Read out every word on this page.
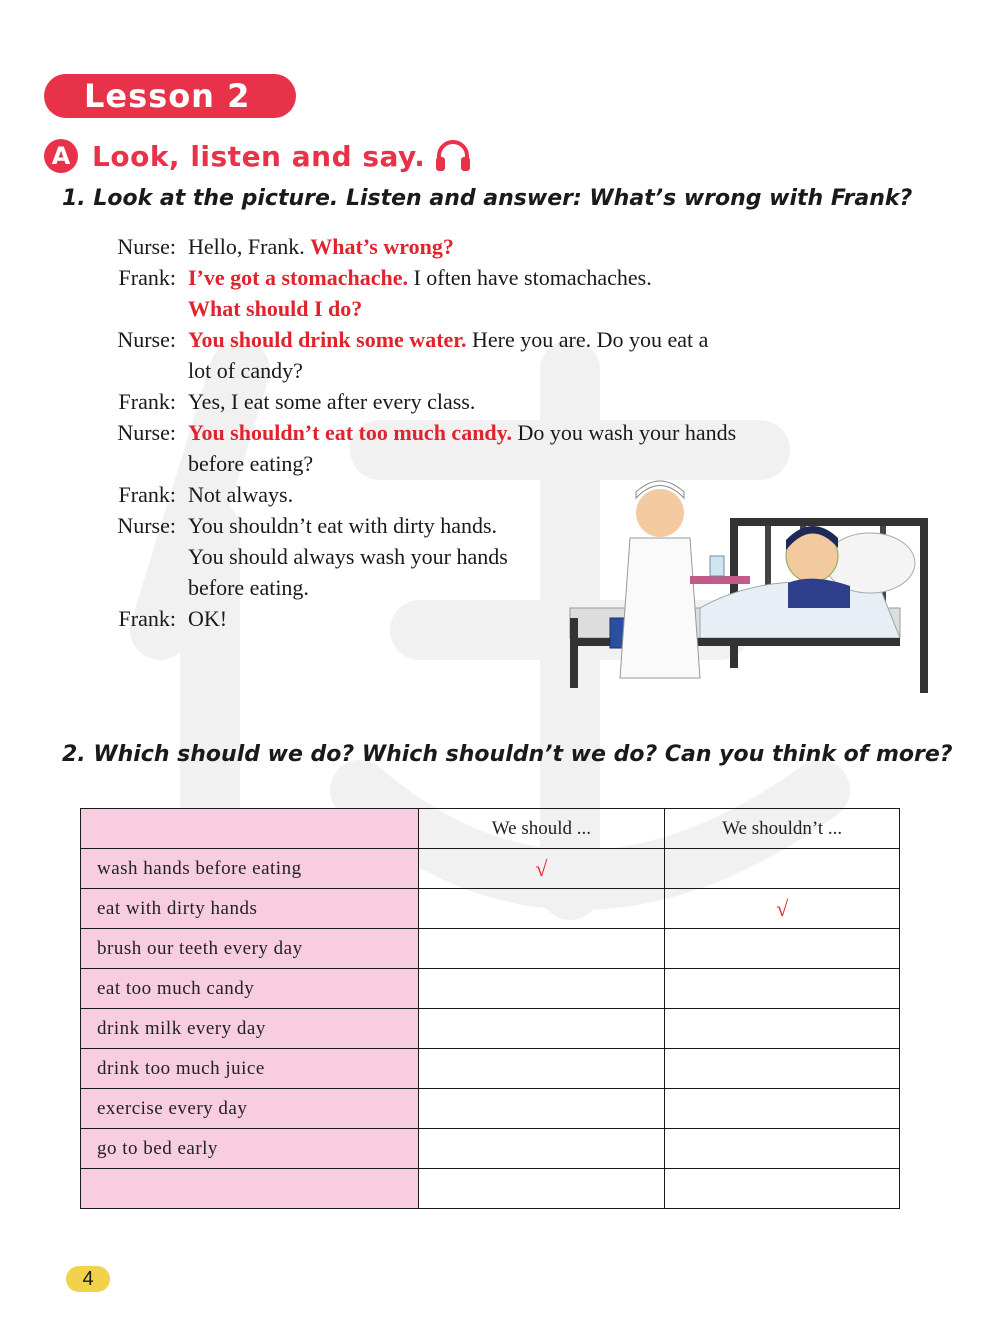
Lesson 2
A Look, listen and say.
1. Look at the picture. Listen and answer: What’s wrong with Frank?
Nurse: Hello, Frank. What’s wrong?
Frank: I’ve got a stomachache. I often have stomachaches.
What should I do?
Nurse: You should drink some water. Here you are. Do you eat a
lot of candy?
Frank: Yes, I eat some after every class.
Nurse: You shouldn’t eat too much candy. Do you wash your hands
before eating?
Frank: Not always.
Nurse: You shouldn’t eat with dirty hands.
You should always wash your hands
before eating.
Frank: OK!
2. Which should we do? Which shouldn’t we do? Can you think of more?
	We should ...	We shouldn’t ...
wash hands before eating	√	
eat with dirty hands		√
brush our teeth every day		
eat too much candy		
drink milk every day		
drink too much juice		
exercise every day		
go to bed early		

4
